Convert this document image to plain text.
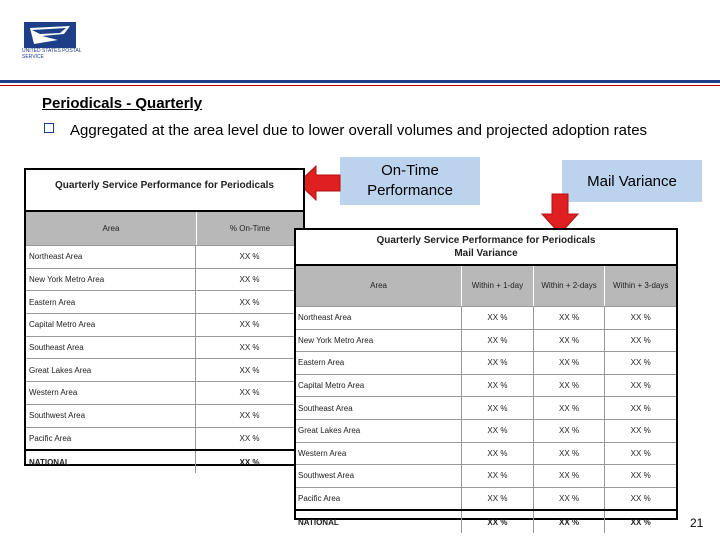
UNITED STATES POSTAL SERVICE
Periodicals - Quarterly
Aggregated at the area level due to lower overall volumes and projected adoption rates
On-Time Performance
Mail Variance
Quarterly Service Performance for Periodicals
Area	% On-Time
Northeast Area	XX %
New York Metro Area	XX %
Eastern Area	XX %
Capital Metro Area	XX %
Southeast Area	XX %
Great Lakes Area	XX %
Western Area	XX %
Southwest Area	XX %
Pacific Area	XX %
NATIONAL	XX %
Quarterly Service Performance for Periodicals
Mail Variance
Area	Within + 1-day	Within + 2-days	Within + 3-days
Northeast Area	XX %	XX %	XX %
New York Metro Area	XX %	XX %	XX %
Eastern Area	XX %	XX %	XX %
Capital Metro Area	XX %	XX %	XX %
Southeast Area	XX %	XX %	XX %
Great Lakes Area	XX %	XX %	XX %
Western Area	XX %	XX %	XX %
Southwest Area	XX %	XX %	XX %
Pacific Area	XX %	XX %	XX %
NATIONAL	XX %	XX %	XX %	21
